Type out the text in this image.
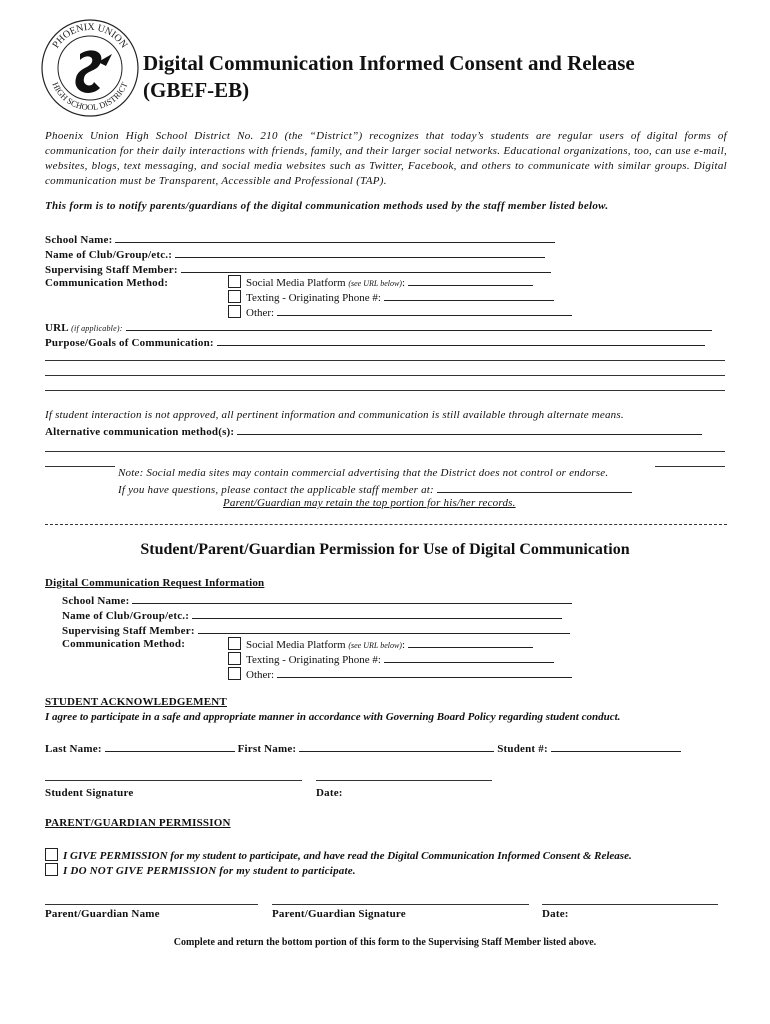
PHOENIX UNION
HIGH SCHOOL DISTRICT
Digital Communication Informed Consent and Release
(GBEF-EB)
Phoenix Union High School District No. 210 (the “District”) recognizes that today’s students are regular users of digital forms of communication for their daily interactions with friends, family, and their larger social networks. Educational organizations, too, can use e-mail, websites, blogs, text messaging, and social media websites such as Twitter, Facebook, and others to communicate with similar groups. Digital communication must be Transparent, Accessible and Professional (TAP).
This form is to notify parents/guardians of the digital communication methods used by the staff member listed below.
School Name:
Name of Club/Group/etc.:
Supervising Staff Member:
Communication Method:	Social Media Platform (see URL below):
Texting - Originating Phone #:
Other:
URL (if applicable):
Purpose/Goals of Communication:
If student interaction is not approved, all pertinent information and communication is still available through alternate means.
Alternative communication method(s):
Note: Social media sites may contain commercial advertising that the District does not control or endorse.
If you have questions, please contact the applicable staff member at:
Parent/Guardian may retain the top portion for his/her records.
Student/Parent/Guardian Permission for Use of Digital Communication
Digital Communication Request Information
School Name:
Name of Club/Group/etc.:
Supervising Staff Member:
Communication Method:	Social Media Platform (see URL below):
Texting - Originating Phone #:
Other:
STUDENT ACKNOWLEDGEMENT
I agree to participate in a safe and appropriate manner in accordance with Governing Board Policy regarding student conduct.
Last Name:	First Name:	Student #:
Student Signature	Date:
PARENT/GUARDIAN PERMISSION
I GIVE PERMISSION for my student to participate, and have read the Digital Communication Informed Consent & Release.
I DO NOT GIVE PERMISSION for my student to participate.
Parent/Guardian Name	Parent/Guardian Signature	Date:
Complete and return the bottom portion of this form to the Supervising Staff Member listed above.
